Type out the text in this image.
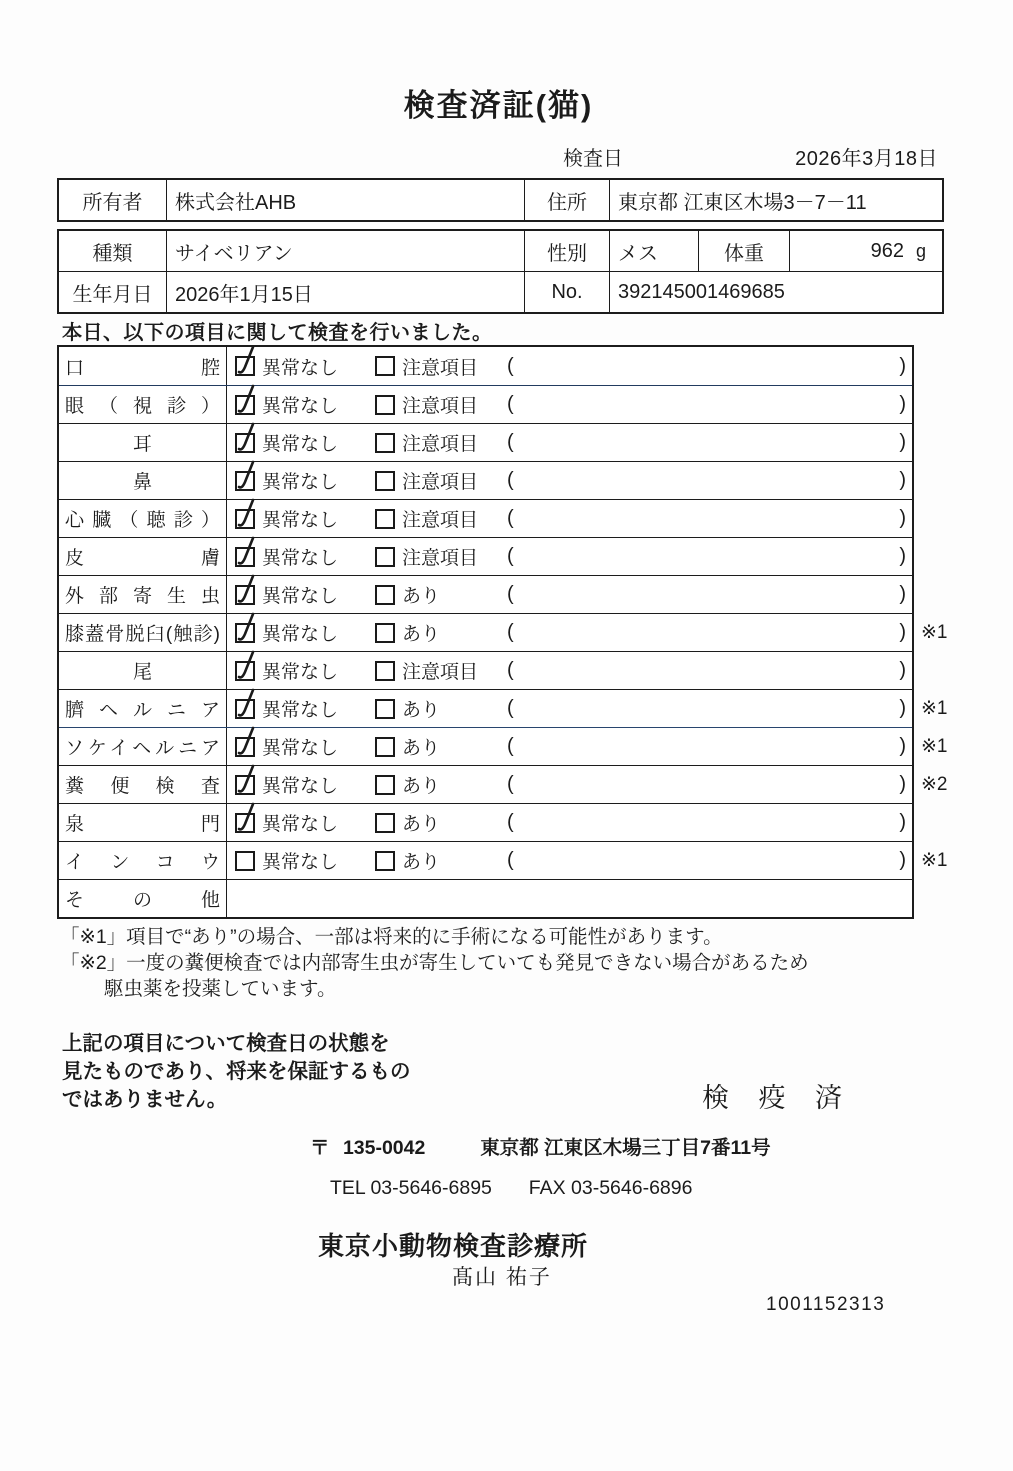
検査済証(猫)
検査日	2026年3月18日
所有者	株式会社AHB	住所	東京都 江東区木場3－7－11
種類	サイベリアン	性別	メス	体重	962 g
生年月日	2026年1月15日	No.	392145001469685
本日、以下の項目に関して検査を行いました。
口腔 異常なし	注意項目 (	)
眼（視診） 異常なし	注意項目 (	)
耳	異常なし	注意項目 (	)
鼻	異常なし	注意項目 (	)
心臓（聴診） 異常なし	注意項目 (	)
皮膚 異常なし	注意項目 (	)
外部寄生虫 異常なし	あり	(	)
膝蓋骨脱臼(触診) 異常なし	あり	(	) ※1
尾	異常なし	注意項目 (	)
臍ヘルニア 異常なし	あり	(	) ※1
ソケイヘルニア 異常なし	あり	(	) ※1
糞便検査 異常なし	あり	(	) ※2
泉門 異常なし	あり	(	)
インコウ 異常なし	あり	(	) ※1
その他
「※1」項目で“あり”の場合、一部は将来的に手術になる可能性があります。
「※2」一度の糞便検査では内部寄生虫が寄生していても発見できない場合があるため
駆虫薬を投薬しています。
上記の項目について検査日の状態を
見たものであり、将来を保証するもの
ではありません。	検 疫 済
〒 135-0042	東京都 江東区木場三丁目7番11号
TEL 03-5646-6895 FAX 03-5646-6896
東京小動物検査診療所
髙山 祐子
1001152313
